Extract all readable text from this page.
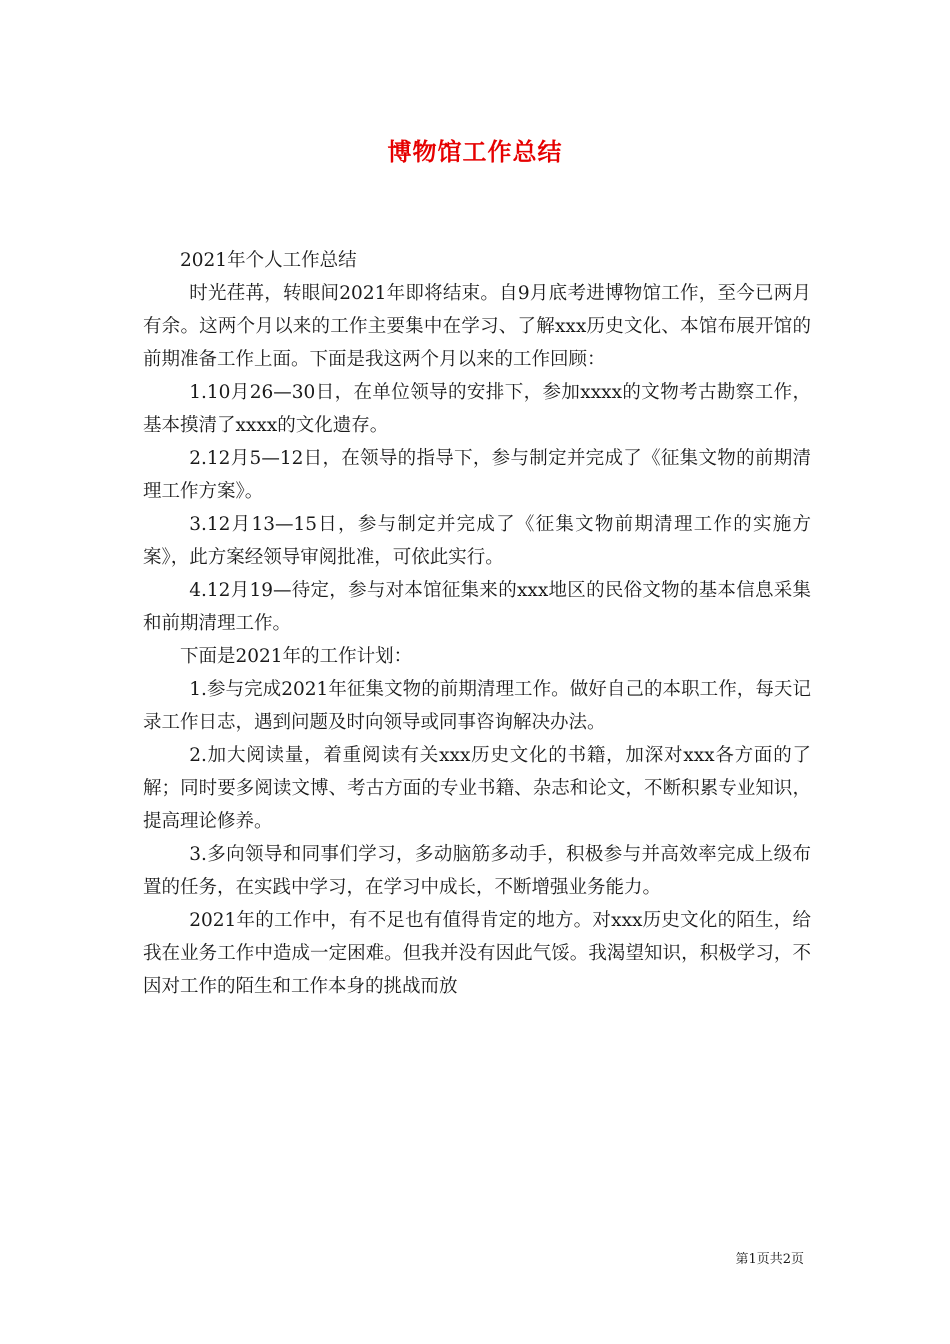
博物馆工作总结

2021年个人工作总结

时光荏苒，转眼间2021年即将结束。自9月底考进博物馆工作，至今已两月有余。这两个月以来的工作主要集中在学习、了解xxx历史文化、本馆布展开馆的前期准备工作上面。下面是我这两个月以来的工作回顾：

1.10月26—30日，在单位领导的安排下，参加xxxx的文物考古勘察工作，基本摸清了xxxx的文化遗存。

2.12月5—12日，在领导的指导下，参与制定并完成了《征集文物的前期清理工作方案》。

3.12月13—15日，参与制定并完成了《征集文物前期清理工作的实施方案》，此方案经领导审阅批准，可依此实行。

4.12月19—待定，参与对本馆征集来的xxx地区的民俗文物的基本信息采集和前期清理工作。

下面是2021年的工作计划：

1.参与完成2021年征集文物的前期清理工作。做好自己的本职工作，每天记录工作日志，遇到问题及时向领导或同事咨询解决办法。

2.加大阅读量，着重阅读有关xxx历史文化的书籍，加深对xxx各方面的了解；同时要多阅读文博、考古方面的专业书籍、杂志和论文，不断积累专业知识，提高理论修养。

3.多向领导和同事们学习，多动脑筋多动手，积极参与并高效率完成上级布置的任务，在实践中学习，在学习中成长，不断增强业务能力。

2021年的工作中，有不足也有值得肯定的地方。对xxx历史文化的陌生，给我在业务工作中造成一定困难。但我并没有因此气馁。我渴望知识，积极学习，不因对工作的陌生和工作本身的挑战而放

第1页共2页
